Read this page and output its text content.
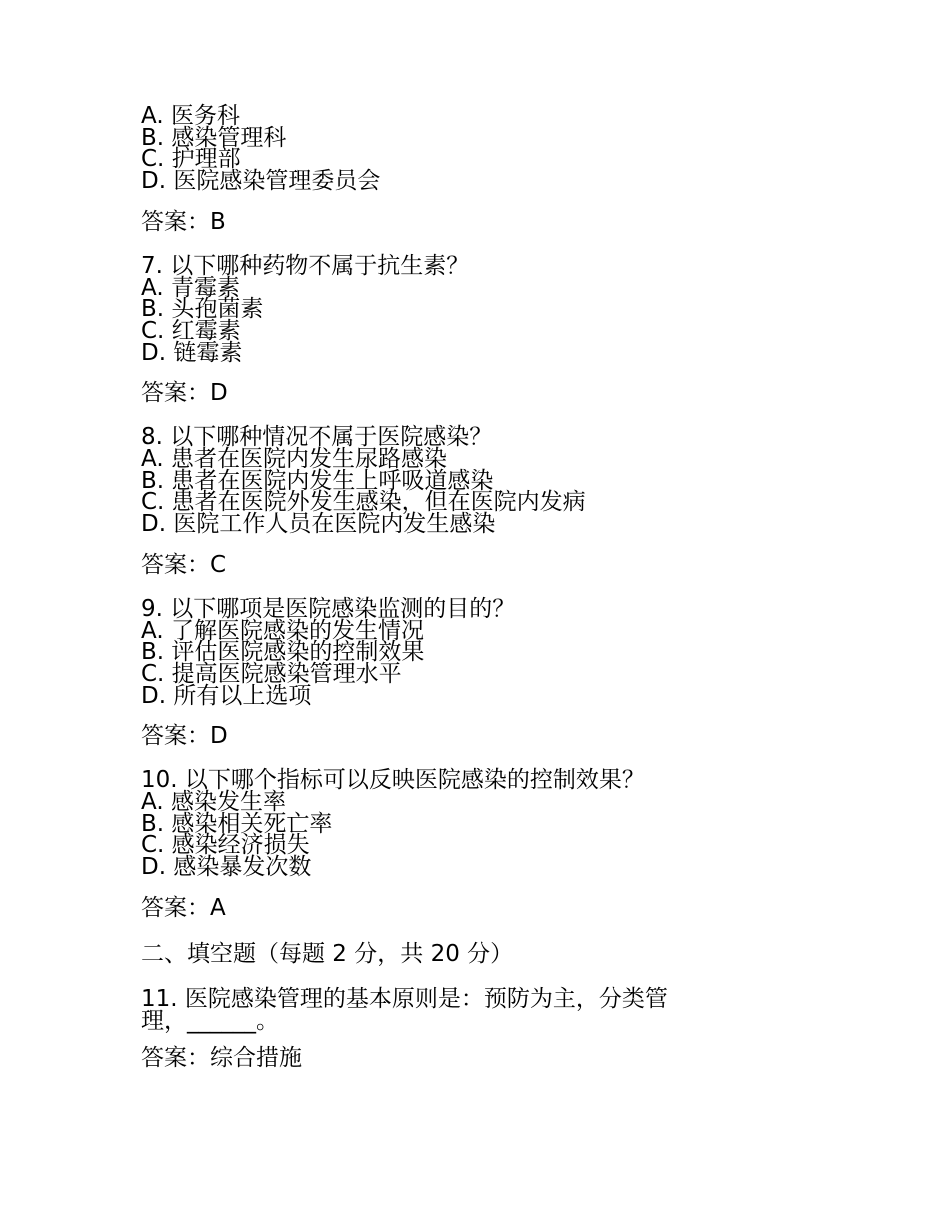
A. 医务科
B. 感染管理科
C. 护理部
D. 医院感染管理委员会
答案：B
7. 以下哪种药物不属于抗生素？
A. 青霉素
B. 头孢菌素
C. 红霉素
D. 链霉素
答案：D
8. 以下哪种情况不属于医院感染？
A. 患者在医院内发生尿路感染
B. 患者在医院内发生上呼吸道感染
C. 患者在医院外发生感染，但在医院内发病
D. 医院工作人员在医院内发生感染
答案：C
9. 以下哪项是医院感染监测的目的？
A. 了解医院感染的发生情况
B. 评估医院感染的控制效果
C. 提高医院感染管理水平
D. 所有以上选项
答案：D
10. 以下哪个指标可以反映医院感染的控制效果？
A. 感染发生率
B. 感染相关死亡率
C. 感染经济损失
D. 感染暴发次数
答案：A
二、填空题（每题 2 分，共 20 分）
11. 医院感染管理的基本原则是：预防为主，分类管理，______。
答案：综合措施
